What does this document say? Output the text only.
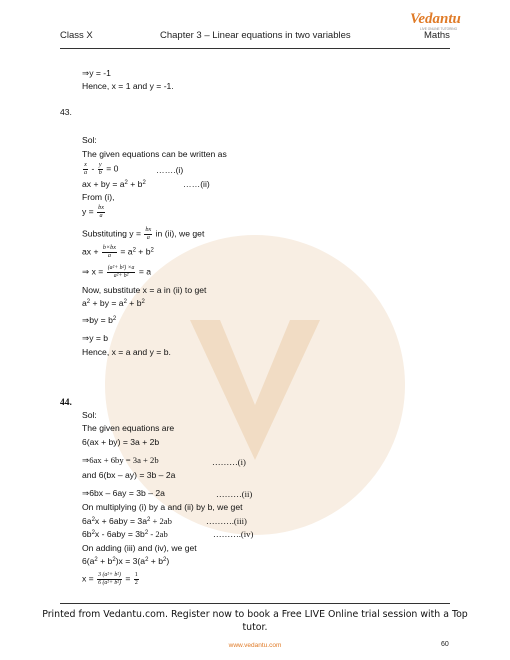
Vedantu
LIVE ONLINE TUTORING
Class X	Chapter 3 – Linear equations in two variables	Maths
⇒y = -1
Hence, x = 1 and y = -1.
43.
Sol:
The given equations can be written as
$\frac{x}{a} - \frac{y}{b} = 0$	…….(i)
ax + by = $a^2 + b^2$	……(ii)
From (i),
$y = \frac{bx}{a}$
Substituting $y = \frac{bx}{a}$ in (ii), we get
ax + $\frac{b\times bx}{a} = a^2 + b^2$
⇒ $x = \frac{\text{(a²+ b²) ×a}}{\text{a²+ b²}} = a$
Now, substitute x = a in (ii) to get
$a^2$ + by = $a^2 + b^2$
⇒by = $b^2$
⇒y = b
Hence, x = a and y = b.
44.
Sol:
The given equations are
6(ax + by) = 3a + 2b
⇒6ax + 6by = 3a + 2b	………(i)
and 6(bx – ay) = 3b – 2a
⇒6bx – 6ay = 3b – 2a	………(ii)
On multiplying (i) by a and (ii) by b, we get
$6a^2x + 6aby = 3a^2 + 2ab$	……….(iii)
$6b^2x - 6aby = 3b^2 - 2ab$	……….(iv)
On adding (iii) and (iv), we get
$6(a^2 + b^2)x = 3(a^2 + b^2)$
$x = \frac{\text{3 (a²+ b²)}}{\text{6 (a²+ b²)}} = \frac{1}{2}$
Printed from Vedantu.com. Register now to book a Free LIVE Online trial session with a Top tutor.
www.vedantu.com	60
